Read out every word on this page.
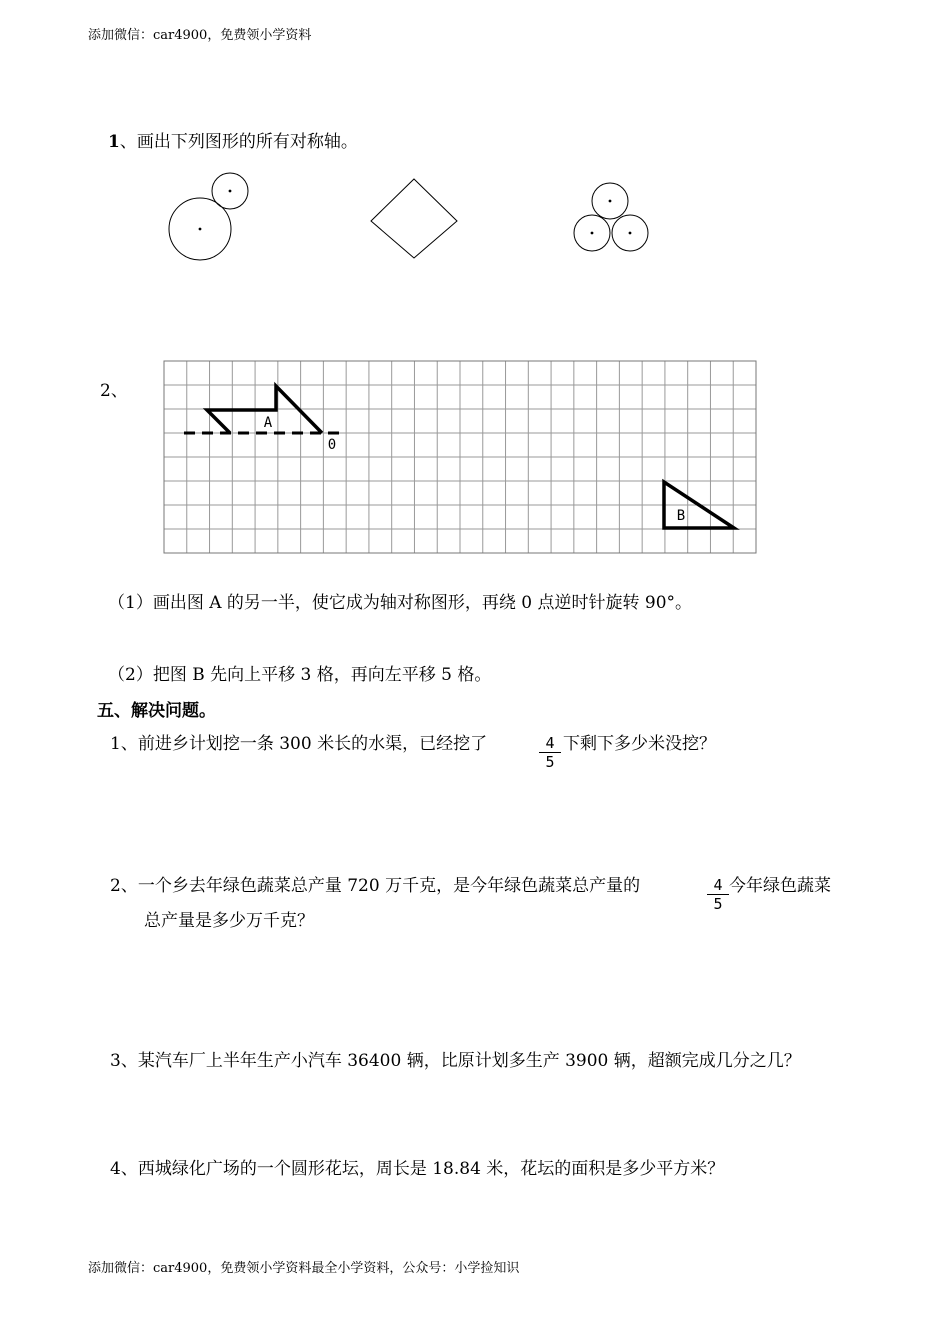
添加微信：car4900，免费领小学资料
1、画出下列图形的所有对称轴。
2、
A
0
B
（1）画出图 A 的另一半，使它成为轴对称图形，再绕 0 点逆时针旋转 90°。
（2）把图 B 先向上平移 3 格，再向左平移 5 格。
五、解决问题。
1、前进乡计划挖一条 300 米长的水渠，已经挖了	4
5
下剩下多少米没挖？
2、一个乡去年绿色蔬菜总产量 720 万千克，是今年绿色蔬菜总产量的	4
5
今年绿色蔬菜
总产量是多少万千克？
3、某汽车厂上半年生产小汽车 36400 辆，比原计划多生产 3900 辆，超额完成几分之几？
4、西城绿化广场的一个圆形花坛，周长是 18.84 米，花坛的面积是多少平方米？
添加微信：car4900，免费领小学资料最全小学资料，公众号：小学捡知识
